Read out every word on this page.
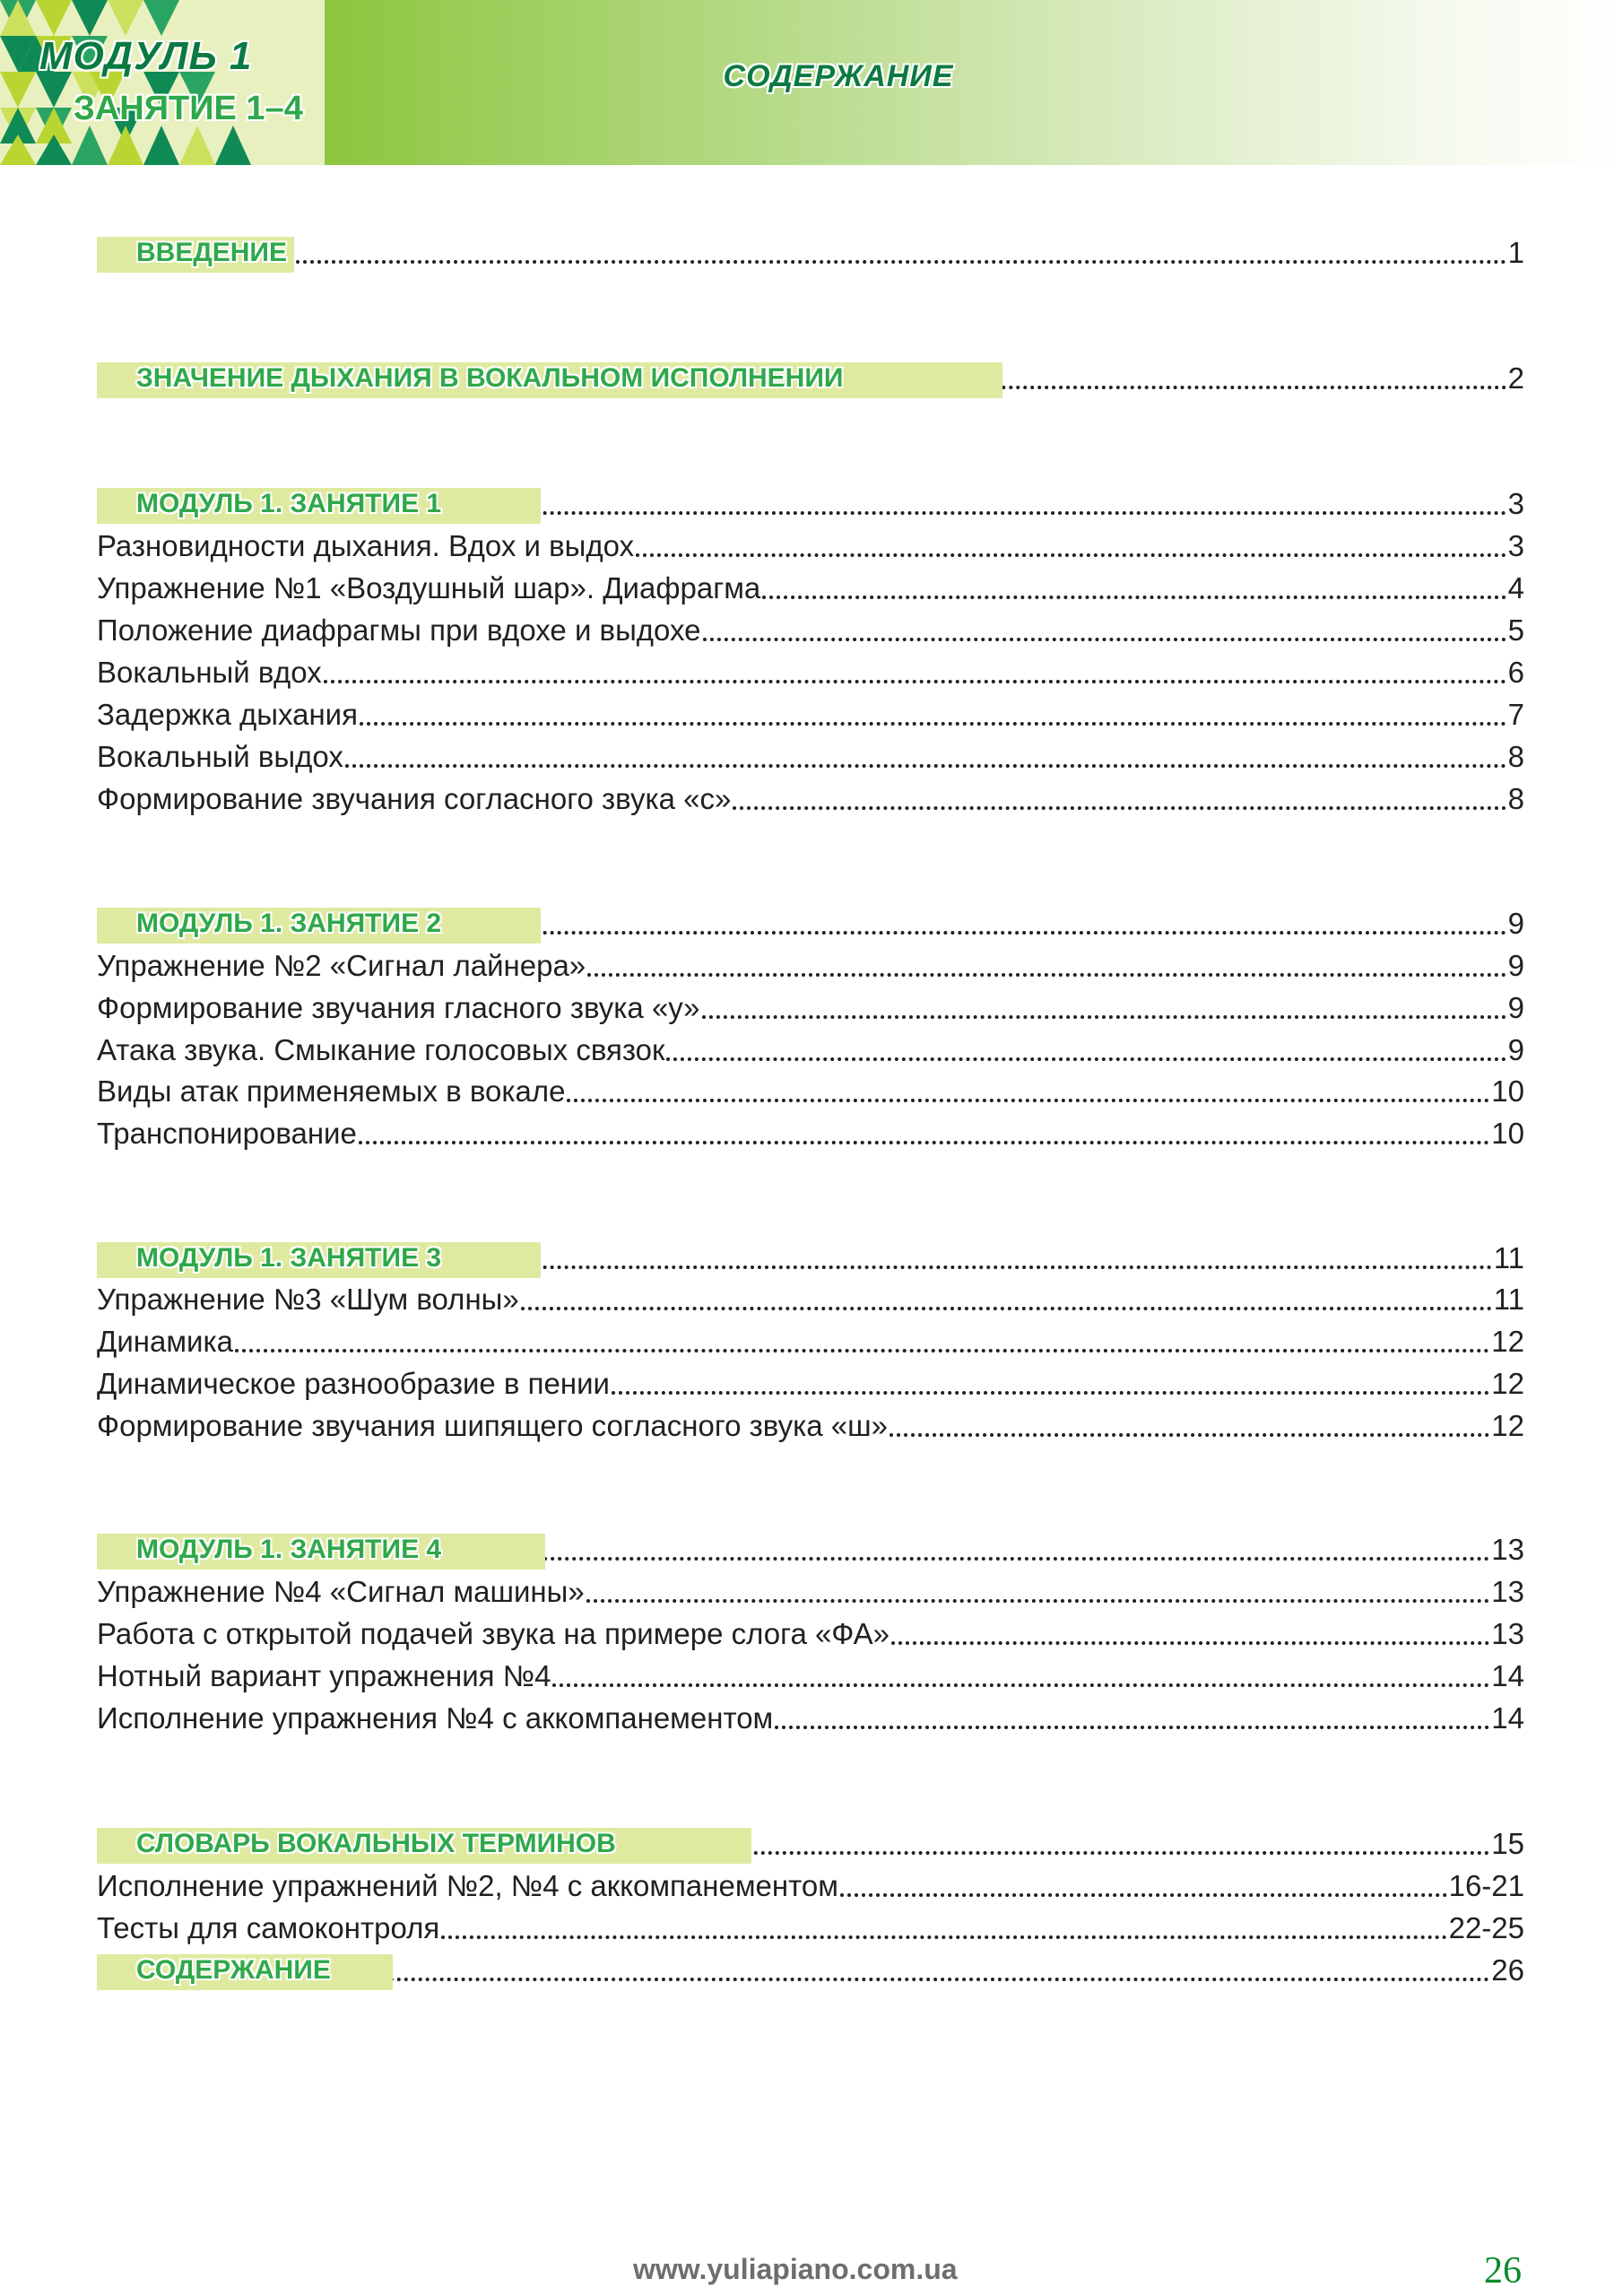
МОДУЛЬ 1
ЗАНЯТИЕ 1–4
СОДЕРЖАНИЕ
ВВЕДЕНИЕ	1
ЗНАЧЕНИЕ ДЫХАНИЯ В ВОКАЛЬНОМ ИСПОЛНЕНИИ	2
МОДУЛЬ 1. ЗАНЯТИЕ 1	3
Разновидности дыхания. Вдох и выдох	3
Упражнение №1 «Воздушный шар». Диафрагма	4
Положение диафрагмы при вдохе и выдохе	5
Вокальный вдох	6
Задержка дыхания	7
Вокальный выдох	8
Формирование звучания согласного звука «с»	8
МОДУЛЬ 1. ЗАНЯТИЕ 2	9
Упражнение №2 «Сигнал лайнера»	9
Формирование звучания гласного звука «у»	9
Атака звука. Смыкание голосовых связок	9
Виды атак применяемых в вокале	10
Транспонирование	10
МОДУЛЬ 1. ЗАНЯТИЕ 3	11
Упражнение №3 «Шум волны»	11
Динамика	12
Динамическое разнообразие в пении	12
Формирование звучания шипящего согласного звука «ш»	12
МОДУЛЬ 1. ЗАНЯТИЕ 4	13
Упражнение №4 «Сигнал машины»	13
Работа с открытой подачей звука на примере слога «ФА»	13
Нотный вариант упражнения №4	14
Исполнение упражнения №4 с аккомпанементом	14
СЛОВАРЬ ВОКАЛЬНЫХ ТЕРМИНОВ	15
Исполнение упражнений №2, №4 с аккомпанементом	16-21
Тесты для самоконтроля	22-25
СОДЕРЖАНИЕ	26
www.yuliapiano.com.ua	26
